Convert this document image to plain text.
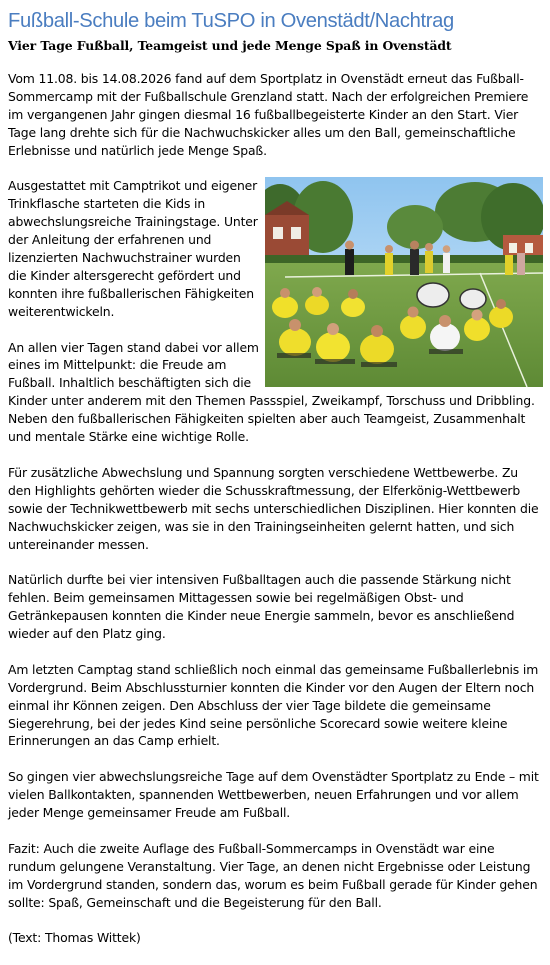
Fußball-Schule beim TuSPO in Ovenstädt/Nachtrag
Vier Tage Fußball, Teamgeist und jede Menge Spaß in Ovenstädt

Vom 11.08. bis 14.08.2026 fand auf dem Sportplatz in Ovenstädt erneut das Fußball-Sommercamp mit der Fußballschule Grenzland statt. Nach der erfolgreichen Premiere im vergangenen Jahr gingen diesmal 16 fußballbegeisterte Kinder an den Start. Vier Tage lang drehte sich für die Nachwuchskicker alles um den Ball, gemeinschaftliche Erlebnisse und natürlich jede Menge Spaß.

Ausgestattet mit Camptrikot und eigener Trinkflasche starteten die Kids in abwechslungsreiche Trainingstage. Unter der Anleitung der erfahrenen und lizenzierten Nachwuchstrainer wurden die Kinder altersgerecht gefördert und konnten ihre fußballerischen Fähigkeiten weiterentwickeln.

An allen vier Tagen stand dabei vor allem eines im Mittelpunkt: die Freude am Fußball. Inhaltlich beschäftigten sich die Kinder unter anderem mit den Themen Passspiel, Zweikampf, Torschuss und Dribbling. Neben den fußballerischen Fähigkeiten spielten aber auch Teamgeist, Zusammenhalt und mentale Stärke eine wichtige Rolle.

Für zusätzliche Abwechslung und Spannung sorgten verschiedene Wettbewerbe. Zu den Highlights gehörten wieder die Schusskraftmessung, der Elferkönig-Wettbewerb sowie der Technikwettbewerb mit sechs unterschiedlichen Disziplinen. Hier konnten die Nachwuchskicker zeigen, was sie in den Trainingseinheiten gelernt hatten, und sich untereinander messen.

Natürlich durfte bei vier intensiven Fußballtagen auch die passende Stärkung nicht fehlen. Beim gemeinsamen Mittagessen sowie bei regelmäßigen Obst- und Getränkepausen konnten die Kinder neue Energie sammeln, bevor es anschließend wieder auf den Platz ging.

Am letzten Camptag stand schließlich noch einmal das gemeinsame Fußballerlebnis im Vordergrund. Beim Abschlussturnier konnten die Kinder vor den Augen der Eltern noch einmal ihr Können zeigen. Den Abschluss der vier Tage bildete die gemeinsame Siegerehrung, bei der jedes Kind seine persönliche Scorecard sowie weitere kleine Erinnerungen an das Camp erhielt.

So gingen vier abwechslungsreiche Tage auf dem Ovenstädter Sportplatz zu Ende – mit vielen Ballkontakten, spannenden Wettbewerben, neuen Erfahrungen und vor allem jeder Menge gemeinsamer Freude am Fußball.

Fazit: Auch die zweite Auflage des Fußball-Sommercamps in Ovenstädt war eine rundum gelungene Veranstaltung. Vier Tage, an denen nicht Ergebnisse oder Leistung im Vordergrund standen, sondern das, worum es beim Fußball gerade für Kinder gehen sollte: Spaß, Gemeinschaft und die Begeisterung für den Ball.

(Text: Thomas Wittek)
